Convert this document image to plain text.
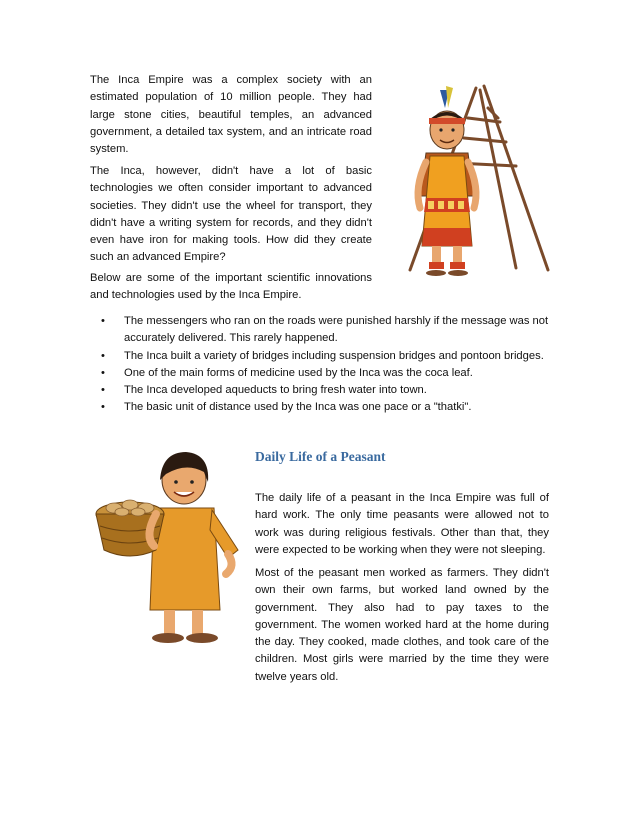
The Inca Empire was a complex society with an estimated population of 10 million people. They had large stone cities, beautiful temples, an advanced government, a detailed tax system, and an intricate road system.

The Inca, however, didn't have a lot of basic technologies we often consider important to advanced societies. They didn't use the wheel for transport, they didn't have a writing system for records, and they didn't even have iron for making tools. How did they create such an advanced Empire?

Below are some of the important scientific innovations and technologies used by the Inca Empire.

• The messengers who ran on the roads were punished harshly if the message was not accurately delivered. This rarely happened.
• The Inca built a variety of bridges including suspension bridges and pontoon bridges.
• One of the main forms of medicine used by the Inca was the coca leaf.
• The Inca developed aqueducts to bring fresh water into town.
• The basic unit of distance used by the Inca was one pace or a "thatki".
Daily Life of a Peasant

The daily life of a peasant in the Inca Empire was full of hard work. The only time peasants were allowed not to work was during religious festivals. Other than that, they were expected to be working when they were not sleeping.

Most of the peasant men worked as farmers. They didn't own their own farms, but worked land owned by the government. They also had to pay taxes to the government. The women worked hard at the home during the day. They cooked, made clothes, and took care of the children. Most girls were married by the time they were twelve years old.
